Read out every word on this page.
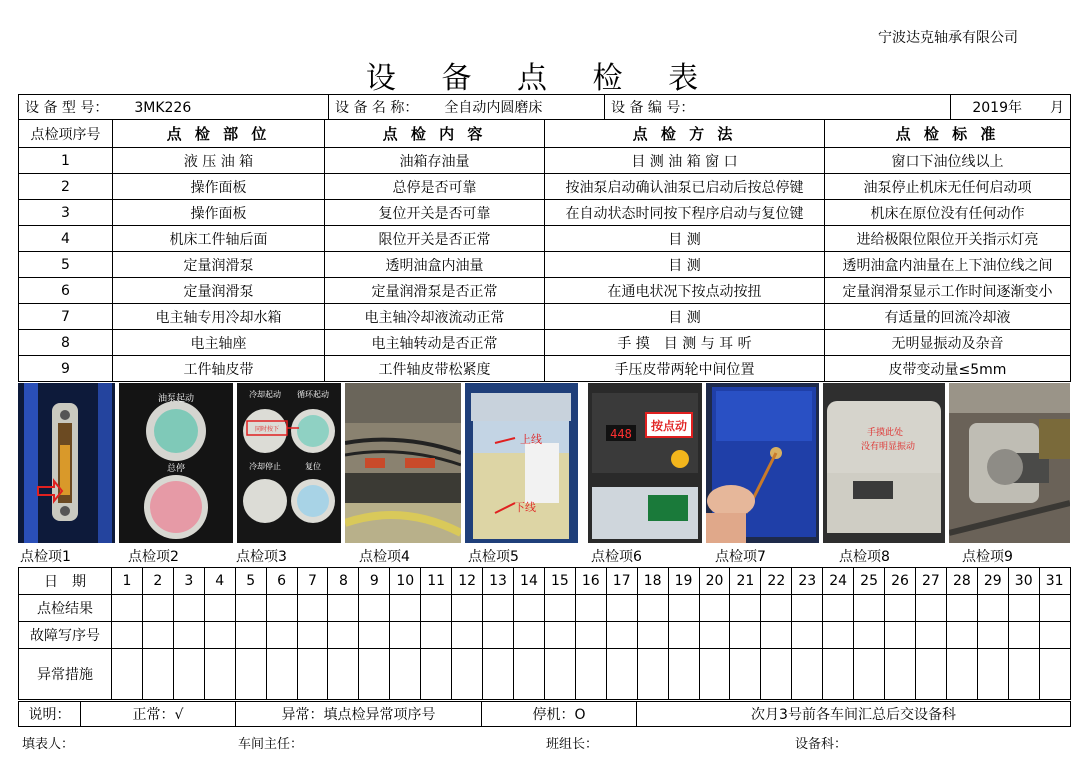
宁波达克轴承有限公司
设 备 点 检 表
设 备 型 号： 3MK226	设 备 名 称： 全自动内圆磨床	设 备 编 号：	2019年　　月
点检项序号	点 检 部 位	点 检 内 容	点 检 方 法	点 检 标 准
1	液 压 油 箱	油箱存油量	目 测 油 箱 窗 口	窗口下油位线以上
2	操作面板	总停是否可靠	按油泵启动确认油泵已启动后按总停键	油泵停止机床无任何启动项
3	操作面板	复位开关是否可靠	在自动状态时同按下程序启动与复位键	机床在原位没有任何动作
4	机床工件轴后面	限位开关是否正常	目 测	进给极限位限位开关指示灯亮
5	定量润滑泵	透明油盒内油量	目 测	透明油盒内油量在上下油位线之间
6	定量润滑泵	定量润滑泵是否正常	在通电状况下按点动按扭	定量润滑泵显示工作时间逐渐变小
7	电主轴专用冷却水箱	电主轴冷却液流动正常	目 测	有适量的回流冷却液
8	电主轴座	电主轴转动是否正常	手 摸　目 测 与 耳 听	无明显振动及杂音
9	工件轴皮带	工件轴皮带松紧度	手压皮带两轮中间位置	皮带变动量≤5mm
油泵起动
总停
冷却起动 循环起动
冷却停止	复位
同时按下
上线
下线
448
按点动	手摸此处
没有明显振动
点检项1	点检项2	点检项3	点检项4	点检项5	点检项6	点检项7	点检项8	点检项9
日　期	1	2	3	4	5	6	7	8	9	10	11	12	13	14	15	16	17	18	19	20	21	22	23	24	25	26	27	28	29	30	31
点检结果																															
故障写序号																															
异常措施																															
说明：	正常：√	异常：填点检异常项序号	停机：O	次月3号前各车间汇总后交设备科
填表人：	车间主任：	班组长：	设备科：
